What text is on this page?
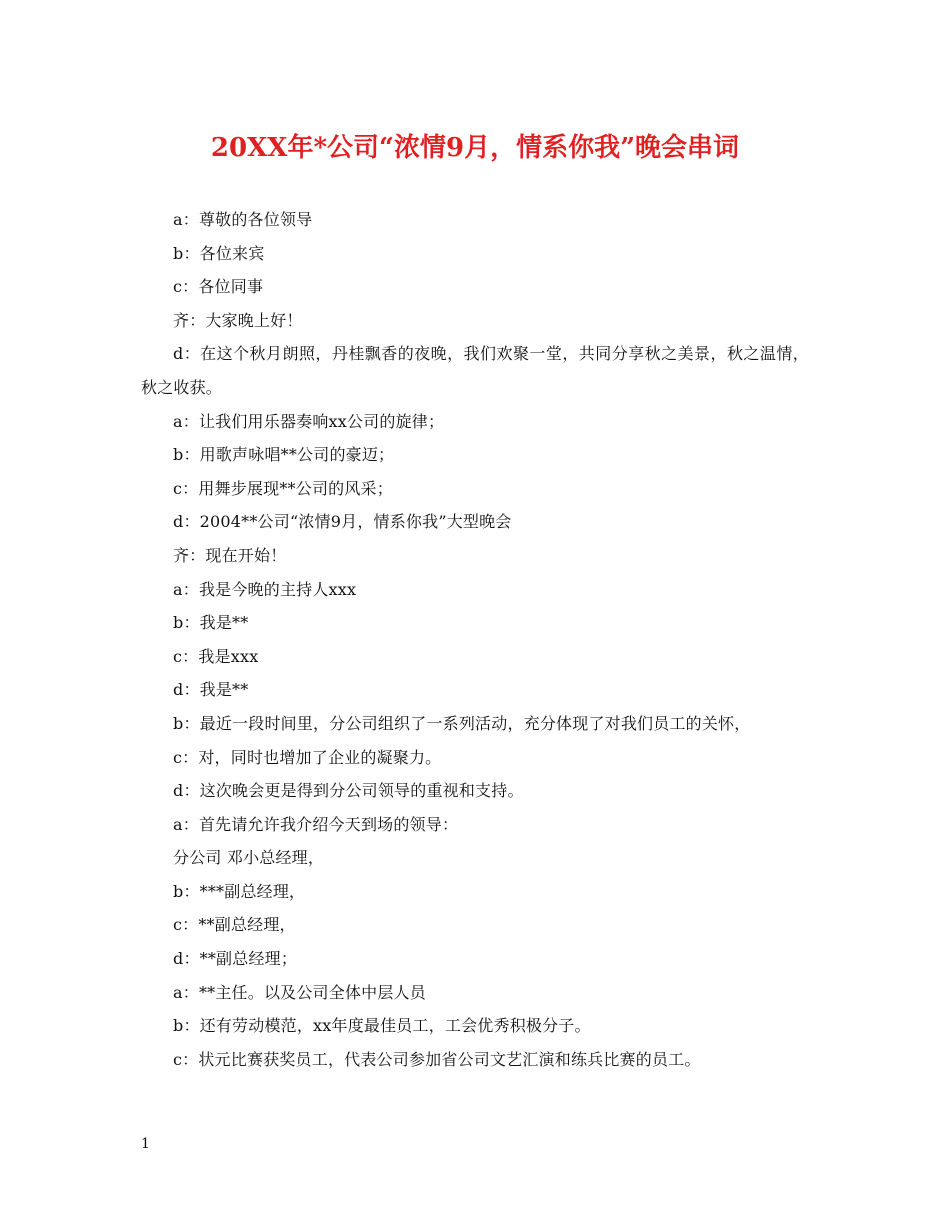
20XX年*公司“浓情9月，情系你我”晚会串词

a：尊敬的各位领导

b：各位来宾

c：各位同事

齐：大家晚上好！

d：在这个秋月朗照，丹桂飘香的夜晚，我们欢聚一堂，共同分享秋之美景，秋之温情，秋之收获。

a：让我们用乐器奏响xx公司的旋律；

b：用歌声咏唱**公司的豪迈；

c：用舞步展现**公司的风采；

d：2004**公司“浓情9月，情系你我”大型晚会

齐：现在开始！

a：我是今晚的主持人xxx

b：我是**

c：我是xxx

d：我是**

b：最近一段时间里，分公司组织了一系列活动，充分体现了对我们员工的关怀，

c：对，同时也增加了企业的凝聚力。

d：这次晚会更是得到分公司领导的重视和支持。

a：首先请允许我介绍今天到场的领导：

分公司 邓小总经理，

b：***副总经理，

c：**副总经理，

d：**副总经理；

a：**主任。以及公司全体中层人员

b：还有劳动模范，xx年度最佳员工，工会优秀积极分子。

c：状元比赛获奖员工，代表公司参加省公司文艺汇演和练兵比赛的员工。

1
